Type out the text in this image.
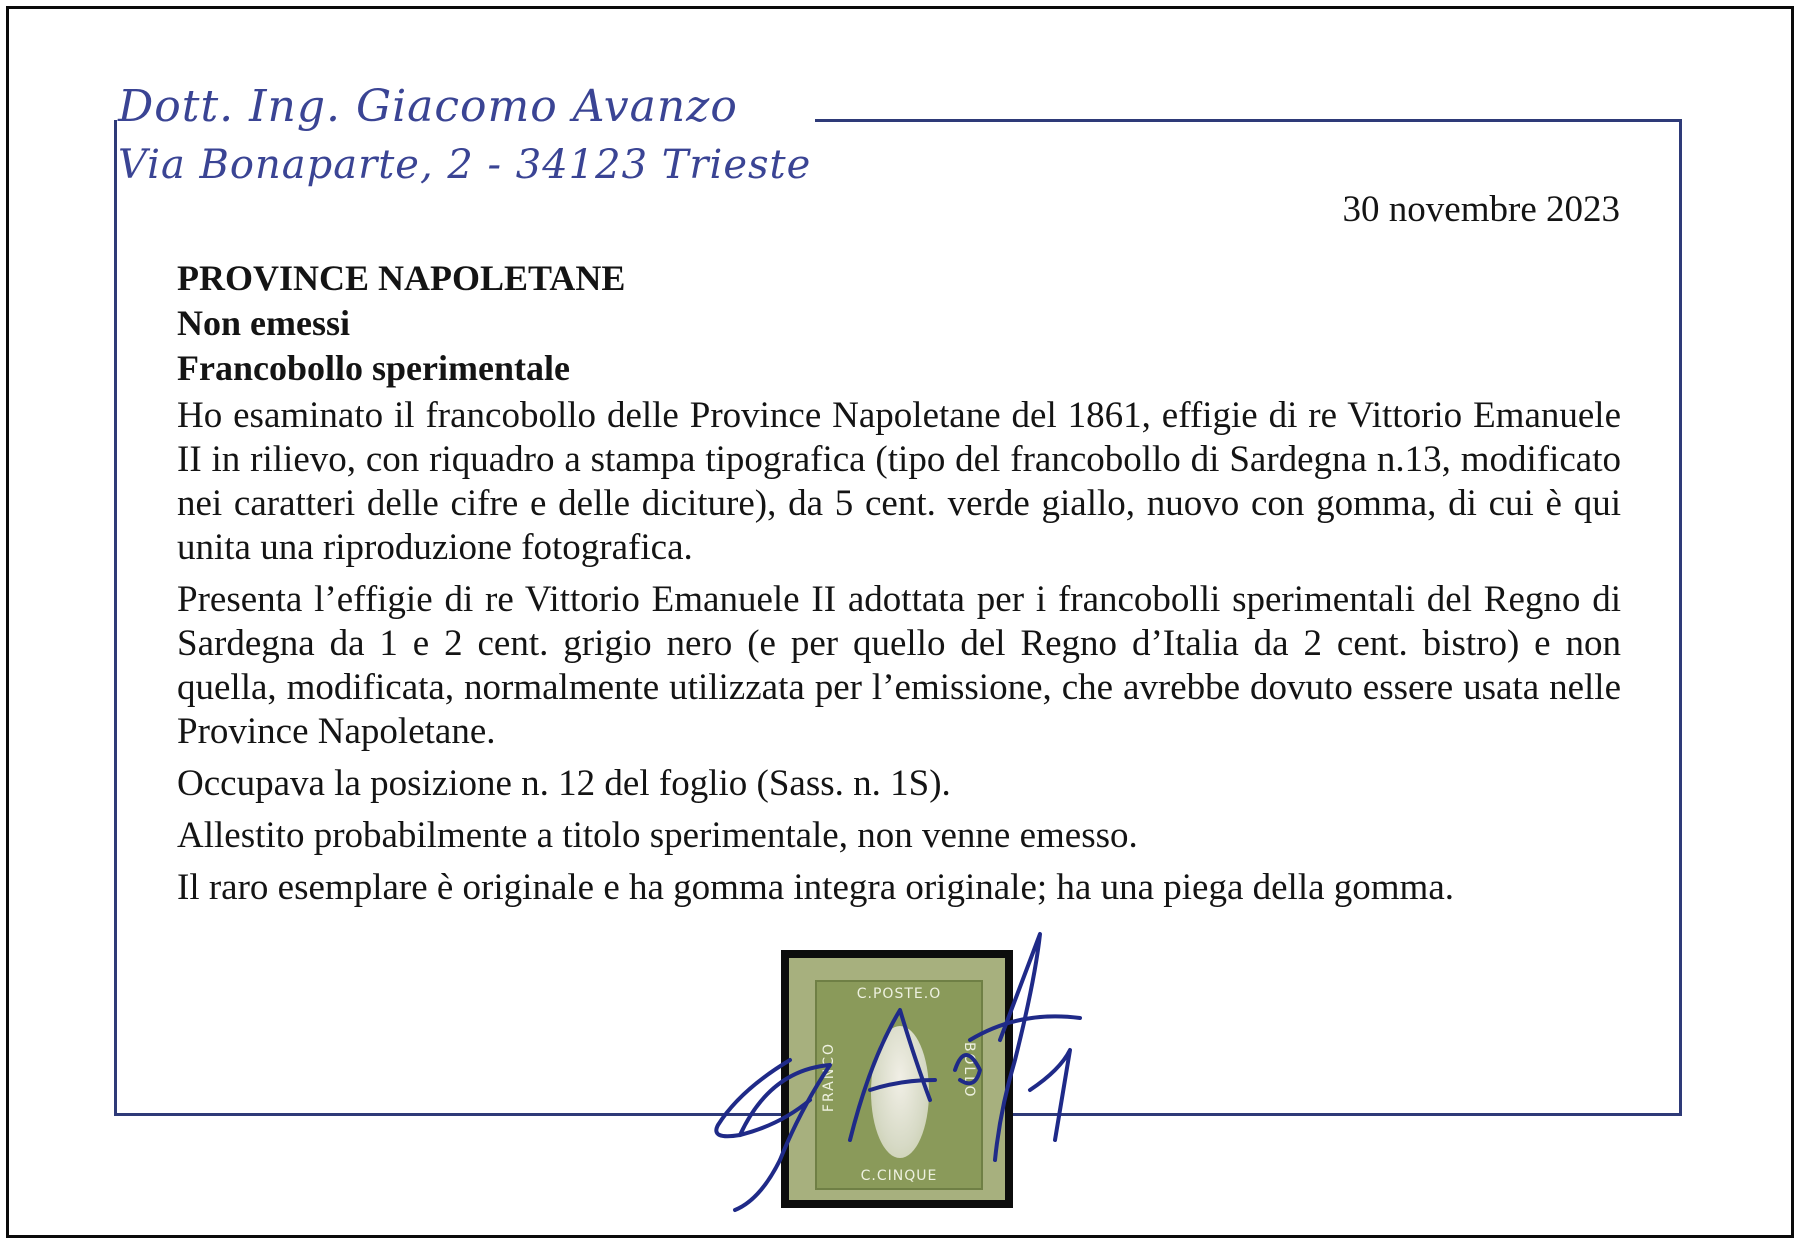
Dott. Ing. Giacomo Avanzo
Via Bonaparte, 2 - 34123 Trieste
30 novembre 2023

PROVINCE NAPOLETANE

Non emessi

Francobollo sperimentale

Ho esaminato il francobollo delle Province Napoletane del 1861, effigie di re Vittorio Emanuele II in rilievo, con riquadro a stampa tipografica (tipo del francobollo di Sardegna n.13, modificato nei caratteri delle cifre e delle diciture), da 5 cent. verde giallo, nuovo con gomma, di cui è qui unita una riproduzione fotografica.

Presenta l’effigie di re Vittorio Emanuele II adottata per i francobolli sperimentali del Regno di Sardegna da 1 e 2 cent. grigio nero (e per quello del Regno d’Italia da 2 cent. bistro) e non quella, modificata, normalmente utilizzata per l’emissione, che avrebbe dovuto essere usata nelle Province Napoletane.

Occupava la posizione n. 12 del foglio (Sass. n. 1S).

Allestito probabilmente a titolo sperimentale, non venne emesso.

Il raro esemplare è originale e ha gomma integra originale; ha una piega della gomma.

C.POSTE.O
FRANCO	BOLLO
C.CINQUE
